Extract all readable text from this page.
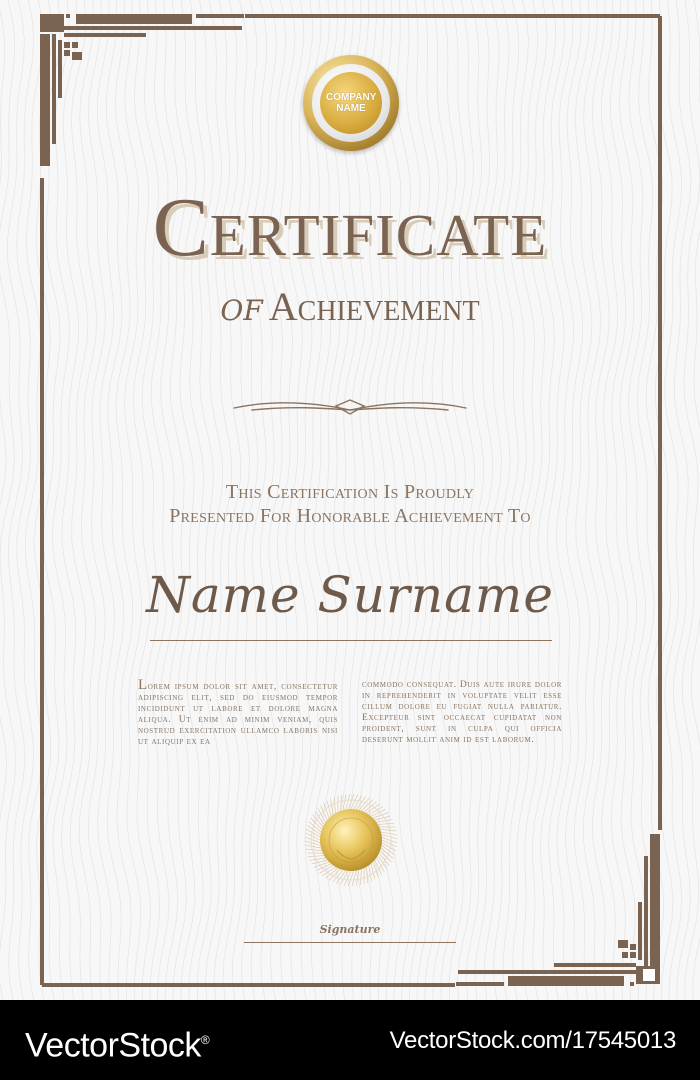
COMPANY NAME
Certificate
of Achievement
This Certification Is Proudly
Presented For Honorable Achievement To
Name Surname
Lorem ipsum dolor sit amet, consectetur adipiscing elit, sed do eiusmod tempor incididunt ut labore et dolore magna aliqua. Ut enim ad minim veniam, quis nostrud exercitation ullamco laboris nisi ut aliquip ex ea
commodo consequat. Duis aute irure dolor in reprehenderit in voluptate velit esse cillum dolore eu fugiat nulla pariatur. Excepteur sint occaecat cupidatat non proident, sunt in culpa qui officia deserunt mollit anim id est laborum.
Signature
VectorStock®	VectorStock.com/17545013
